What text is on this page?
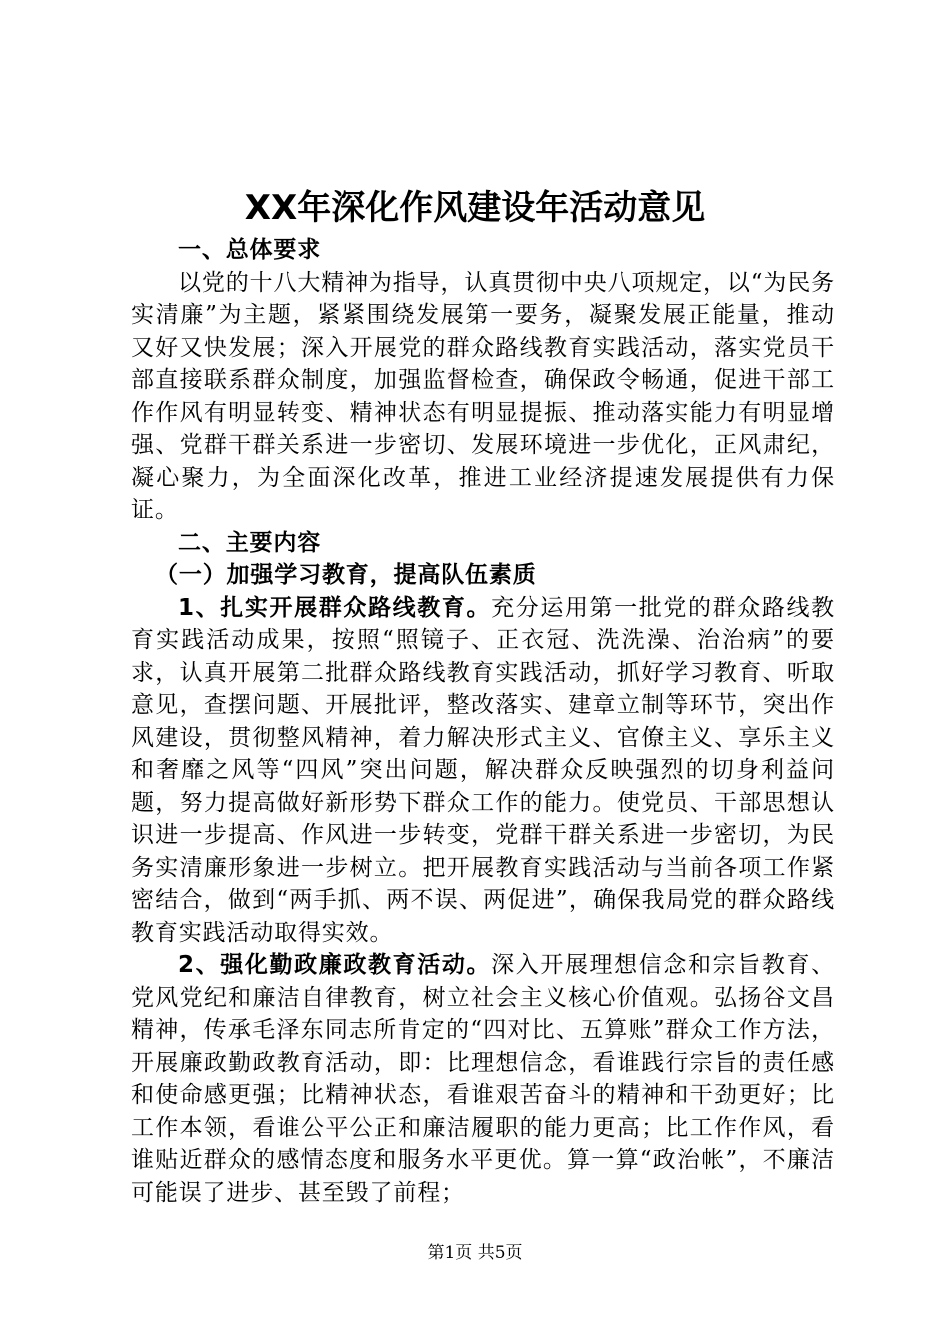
XX年深化作风建设年活动意见

一、总体要求

以党的十八大精神为指导，认真贯彻中央八项规定，以“为民务实清廉”为主题，紧紧围绕发展第一要务，凝聚发展正能量，推动又好又快发展；深入开展党的群众路线教育实践活动，落实党员干部直接联系群众制度，加强监督检查，确保政令畅通，促进干部工作作风有明显转变、精神状态有明显提振、推动落实能力有明显增强、党群干群关系进一步密切、发展环境进一步优化，正风肃纪，凝心聚力，为全面深化改革，推进工业经济提速发展提供有力保证。

二、主要内容

（一）加强学习教育，提高队伍素质

1、扎实开展群众路线教育。充分运用第一批党的群众路线教育实践活动成果，按照“照镜子、正衣冠、洗洗澡、治治病”的要求，认真开展第二批群众路线教育实践活动，抓好学习教育、听取意见，查摆问题、开展批评，整改落实、建章立制等环节，突出作风建设，贯彻整风精神，着力解决形式主义、官僚主义、享乐主义和奢靡之风等“四风”突出问题，解决群众反映强烈的切身利益问题，努力提高做好新形势下群众工作的能力。使党员、干部思想认识进一步提高、作风进一步转变，党群干群关系进一步密切，为民务实清廉形象进一步树立。把开展教育实践活动与当前各项工作紧密结合，做到“两手抓、两不误、两促进”，确保我局党的群众路线教育实践活动取得实效。

2、强化勤政廉政教育活动。深入开展理想信念和宗旨教育、党风党纪和廉洁自律教育，树立社会主义核心价值观。弘扬谷文昌精神，传承毛泽东同志所肯定的“四对比、五算账”群众工作方法，开展廉政勤政教育活动，即：比理想信念，看谁践行宗旨的责任感和使命感更强；比精神状态，看谁艰苦奋斗的精神和干劲更好；比工作本领，看谁公平公正和廉洁履职的能力更高；比工作作风，看谁贴近群众的感情态度和服务水平更优。算一算“政治帐”，不廉洁可能误了进步、甚至毁了前程；

第1页 共5页
